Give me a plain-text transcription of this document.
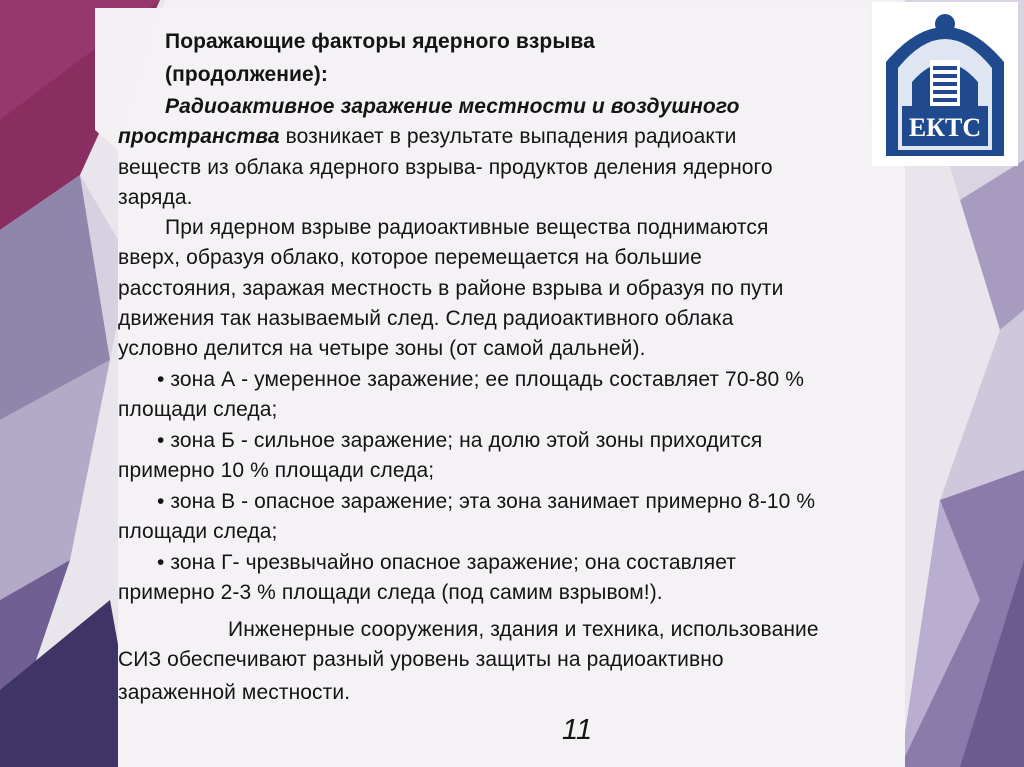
ЕКТС
Поражающие факторы ядерного взрыва
(продолжение):
Радиоактивное заражение местности и воздушного
пространства возникает в результате выпадения радиоакти
веществ из облака ядерного взрыва- продуктов деления ядерного
заряда.
При ядерном взрыве радиоактивные вещества поднимаются
вверх, образуя облако, которое перемещается на большие
расстояния, заражая местность в районе взрыва и образуя по пути
движения так называемый след. След радиоактивного облака
условно делится на четыре зоны (от самой дальней).
• зона А - умеренное заражение; ее площадь составляет 70-80 %
площади следа;
• зона Б - сильное заражение; на долю этой зоны приходится
примерно 10 % площади следа;
• зона В - опасное заражение; эта зона занимает примерно 8-10 %
площади следа;
• зона Г- чрезвычайно опасное заражение; она составляет
примерно 2-3 % площади следа (под самим взрывом!).
Инженерные сооружения, здания и техника, использование
СИЗ обеспечивают разный уровень защиты на радиоактивно
зараженной местности.
11
